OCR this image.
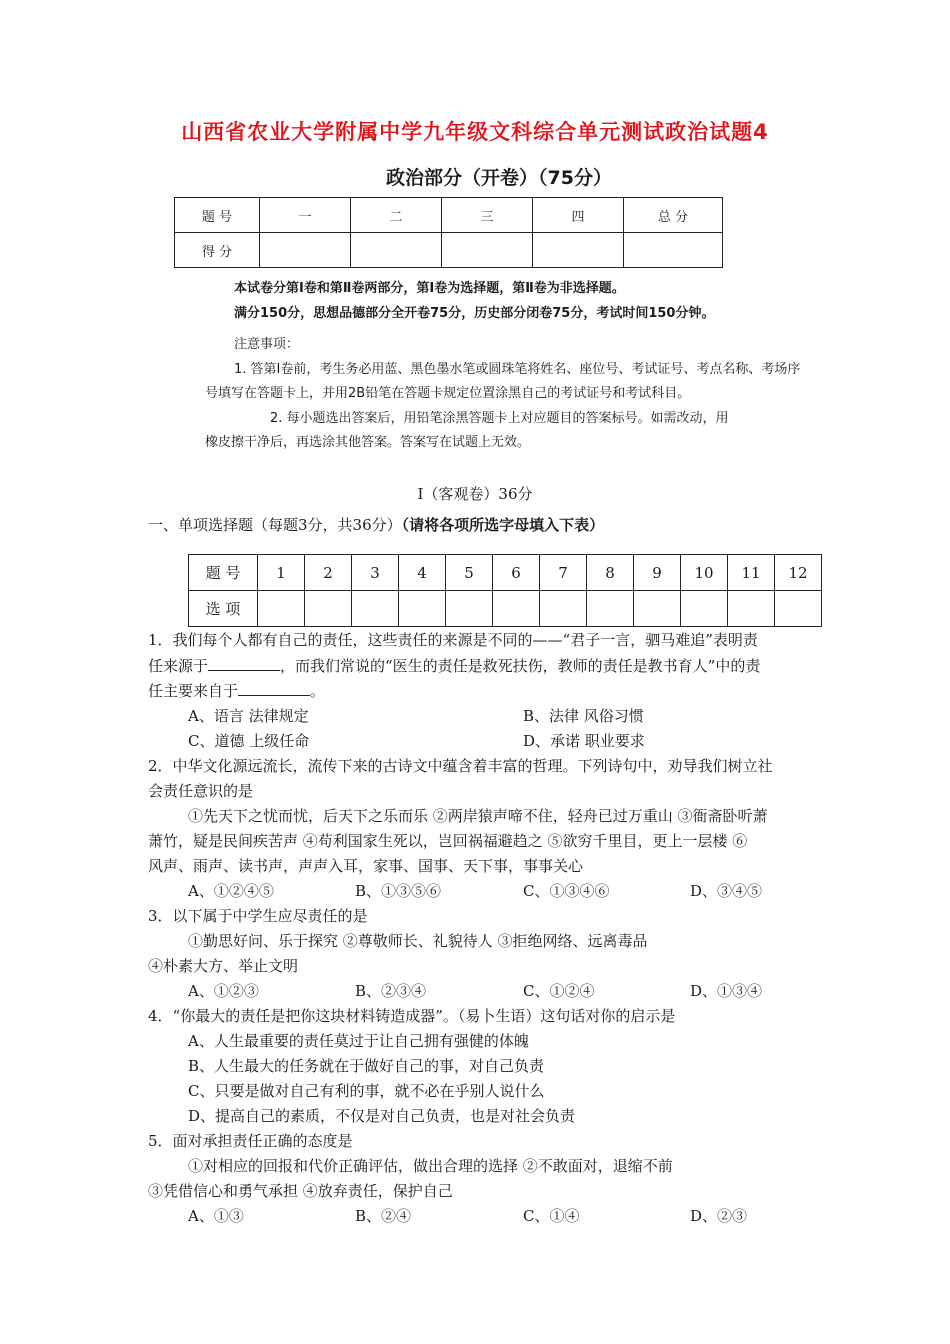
山西省农业大学附属中学九年级文科综合单元测试政治试题4
政治部分（开卷）（75分）
题 号	一	二	三	四	总 分
得 分					
本试卷分第Ⅰ卷和第Ⅱ卷两部分，第Ⅰ卷为选择题，第Ⅱ卷为非选择题。
满分150分，思想品德部分全开卷75分，历史部分闭卷75分，考试时间150分钟。
注意事项：
1. 答第Ⅰ卷前，考生务必用蓝、黑色墨水笔或圆珠笔将姓名、座位号、考试证号、考点名称、考场序
号填写在答题卡上，并用2B铅笔在答题卡规定位置涂黑自己的考试证号和考试科目。
2. 每小题选出答案后，用铅笔涂黑答题卡上对应题目的答案标号。如需改动，用
橡皮擦干净后，再选涂其他答案。答案写在试题上无效。
Ⅰ（客观卷）36分
一、单项选择题（每题3分，共36分）（请将各项所选字母填入下表）
题 号	1	2	3	4	5	6	7	8	9	10	11	12
选 项												
1．我们每个人都有自己的责任，这些责任的来源是不同的——“君子一言，驷马难追”表明责
任来源于	，而我们常说的“医生的责任是救死扶伤，教师的责任是教书育人”中的责
任主要来自于	。
A、语言 法律规定	B、法律 风俗习惯
C、道德 上级任命	D、承诺 职业要求
2．中华文化源远流长，流传下来的古诗文中蕴含着丰富的哲理。下列诗句中，劝导我们树立社
会责任意识的是
①先天下之忧而忧，后天下之乐而乐 ②两岸猿声啼不住，轻舟已过万重山 ③衙斋卧听萧
萧竹，疑是民间疾苦声 ④苟利国家生死以，岂回祸福避趋之 ⑤欲穷千里目，更上一层楼 ⑥
风声、雨声、读书声，声声入耳，家事、国事、天下事，事事关心
A、①②④⑤	B、①③⑤⑥	C、①③④⑥	D、③④⑤
3．以下属于中学生应尽责任的是
①勤思好问、乐于探究 ②尊敬师长、礼貌待人 ③拒绝网络、远离毒品
④朴素大方、举止文明
A、①②③	B、②③④	C、①②④	D、①③④
4．“你最大的责任是把你这块材料铸造成器”。（易卜生语）这句话对你的启示是
A、人生最重要的责任莫过于让自己拥有强健的体魄
B、人生最大的任务就在于做好自己的事，对自己负责
C、只要是做对自己有利的事，就不必在乎别人说什么
D、提高自己的素质，不仅是对自己负责，也是对社会负责
5．面对承担责任正确的态度是
①对相应的回报和代价正确评估，做出合理的选择 ②不敢面对，退缩不前
③凭借信心和勇气承担 ④放弃责任，保护自己
A、①③	B、②④	C、①④	D、②③
